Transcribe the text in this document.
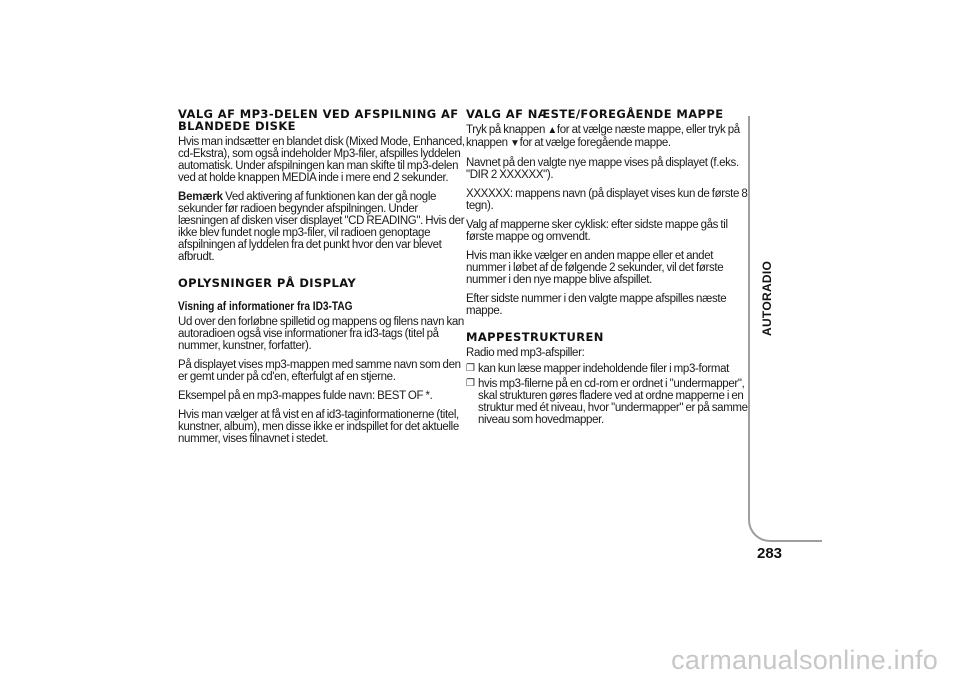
VALG AF MP3-DELEN VED AFSPILNING AF BLANDEDE DISKE

Hvis man indsætter en blandet disk (Mixed Mode, Enhanced, cd-Ekstra), som også indeholder Mp3-filer, afspilles lyddelen automatisk. Under afspilningen kan man skifte til mp3-delen ved at holde knappen MEDIA inde i mere end 2 sekunder.

Bemærk Ved aktivering af funktionen kan der gå nogle sekunder før radioen begynder afspilningen. Under læsningen af disken viser displayet "CD READING". Hvis der ikke blev fundet nogle mp3-filer, vil radioen genoptage afspilningen af lyddelen fra det punkt hvor den var blevet afbrudt.

OPLYSNINGER PÅ DISPLAY
Visning af informationer fra ID3-TAG

Ud over den forløbne spilletid og mappens og filens navn kan autoradioen også vise informationer fra id3-tags (titel på nummer, kunstner, forfatter).

På displayet vises mp3-mappen med samme navn som den er gemt under på cd'en, efterfulgt af en stjerne.

Eksempel på en mp3-mappes fulde navn: BEST OF *.

Hvis man vælger at få vist en af id3-taginformationerne (titel, kunstner, album), men disse ikke er indspillet for det aktuelle nummer, vises filnavnet i stedet.

VALG AF NÆSTE/FOREGÅENDE MAPPE

Tryk på knappen ▲for at vælge næste mappe, eller tryk på knappen ▼for at vælge foregående mappe.

Navnet på den valgte nye mappe vises på displayet (f.eks. "DIR 2 XXXXXX").

XXXXXX: mappens navn (på displayet vises kun de første 8 tegn).

Valg af mapperne sker cyklisk: efter sidste mappe gås til første mappe og omvendt.

Hvis man ikke vælger en anden mappe eller et andet nummer i løbet af de følgende 2 sekunder, vil det første nummer i den nye mappe blive afspillet.

Efter sidste nummer i den valgte mappe afspilles næste mappe.

MAPPESTRUKTUREN

Radio med mp3-afspiller:

❐ kan kun læse mapper indeholdende filer i mp3-format

❐ hvis mp3-filerne på en cd-rom er ordnet i "undermapper", skal strukturen gøres fladere ved at ordne mapperne i en struktur med ét niveau, hvor "undermapper" er på samme niveau som hovedmapper.

AUTORADIO
283
carmanualsonline.info
